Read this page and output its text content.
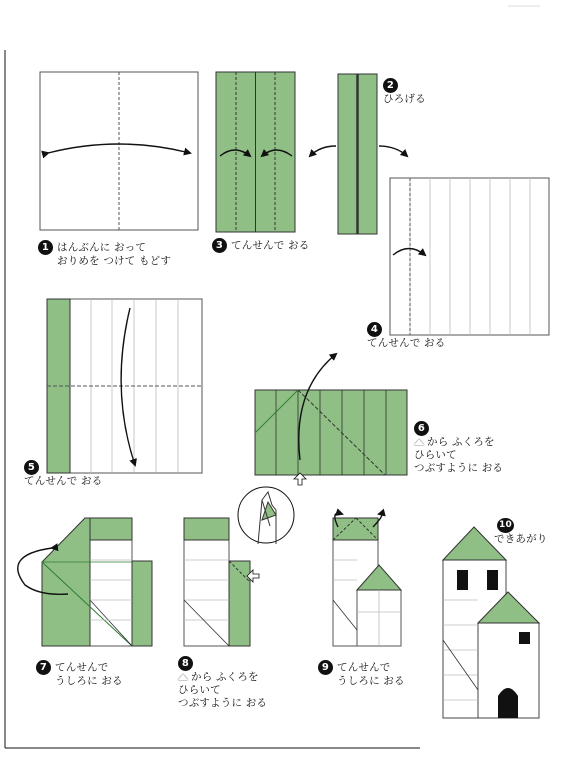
1 はんぶんに おって
おりめを つけて もどす
2
ひろげる
3 てんせんで おる
4
てんせんで おる
5
てんせんで おる
6
から ふくろを
ひらいて
つぶすように おる
7 てんせんで
うしろに おる
8
から ふくろを
ひらいて
つぶすように おる
9 てんせんで
うしろに おる
10
できあがり
